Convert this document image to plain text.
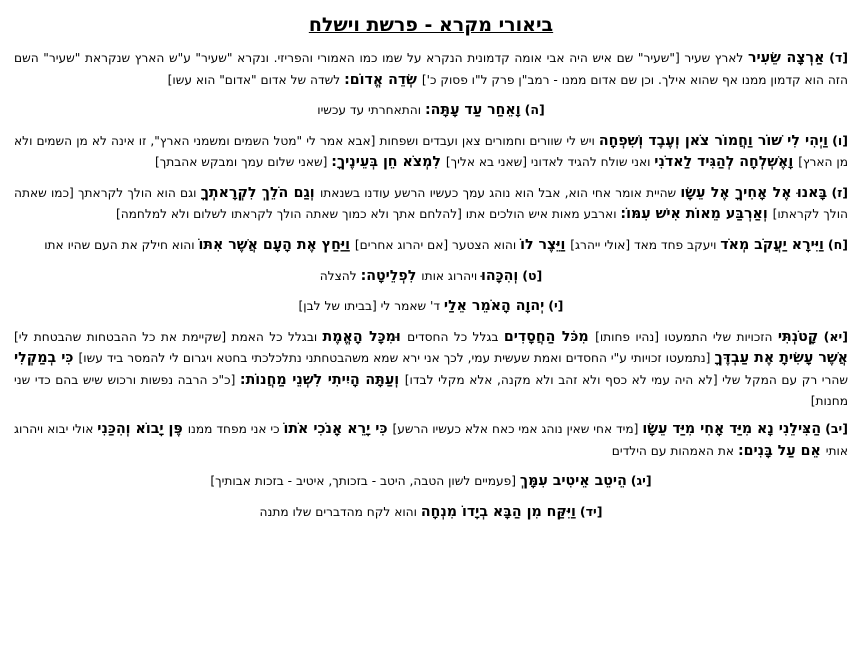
ביאורי מקרא - פרשת וישלח
[ד) אַרְצָה שֵׂעִיר לארץ שעיר ["שעיר" שם איש היה אבי אומה קדמונית הנקרא על שמו כמו האמורי והפריזי. ונקרא "שעיר" ע"ש הארץ שנקראת "שעיר" השם הזה הוא קדמון ממנו אף שהוא אילך. וכן שם אדום ממנו - רמב"ן פרק ל"ו פסוק כ'] שְׂדֵה אֱדוֹם: לשדה של אדום "אדום" הוא עשו]
[ה) וָאֵחַר עַד עָתָּה: והתאחרתי עד עכשיו
[ו) וַיְהִי לִי שׁוֹר וַחֲמוֹר צֹאן וְעֶבֶד וְשִׁפְחָה ויש לי שוורים וחמורים צאן ועבדים ושפחות [אבא אמר לי "מטל השמים ומשמני הארץ", זו אינה לא מן השמים ולא מן הארץ] וָאֶשְׁלְחָה לְהַגִּיד לַאדֹנִי ואני שולח להגיד לאדוני [שאני בא אליך] לִמְצֹא חֵן בְּעֵינֶיךָ: [שאני שלום עמך ומבקש אהבתך]
[ז) בָּאנוּ אֶל אָחִיךָ אֶל עֵשָׂו שהיית אומר אחי הוא, אבל הוא נוהג עמך כעשיו הרשע עודנו בשנאתו וְגַם הֹלֵךְ לִקְרָאתְךָ וגם הוא הולך לקראתך [כמו שאתה הולך לקראתו] וְאַרְבַּע מֵאוֹת אִישׁ עִמּוֹ: וארבע מאות איש הולכים אתו [להלחם אתך ולא כמוך שאתה הולך לקראתו לשלום ולא למלחמה]
[ח) וַיִּירָא יַעֲקֹב מְאֹד ויעקב פחד מאד [אולי ייהרג] וַיֵּצֶר לוֹ והוא הצטער [אם יהרוג אחרים] וַיַּחַץ אֶת הָעָם אֲשֶׁר אִתּוֹ והוא חילק את העם שהיו אתו
[ט) וְהִכָּהוּ ויהרוג אותו לִפְלֵיטָה: להצלה
[י) יְהוָה הָאֹמֵר אֵלַי ד' שאמר לי [בביתו של לבן]
[יא) קָטֹנְתִּי הזכויות שלי התמעטו [נהיו פחותו] מִכֹּל הַחֲסָדִים בגלל כל החסדים וּמִכָּל הָאֱמֶת ובגלל כל האמת [שקיימת את כל ההבטחות שהבטחת לי] אֲשֶׁר עָשִׂיתָ אֶת עַבְדֶּךָ [נתמעטו זכויותי ע"י החסדים ואמת שעשית עמי, לכך אני ירא שמא משהבטחתני נתלכלכתי בחטא ויגרום לי להמסר ביד עשו] כִּי בְמַקְלִי שהרי רק עם המקל שלי [לא היה עמי לא כסף ולא זהב ולא מקנה, אלא מקלי לבדו] וְעַתָּה הָיִיתִי לִשְׁנֵי מַחֲנוֹת: [כ"כ הרבה נפשות ורכוש שיש בהם כדי שני מחנות]
[יב) הַצִּילֵנִי נָא מִיַּד אָחִי מִיַּד עֵשָׂו [מיד אחי שאין נוהג אמי כאח אלא כעשיו הרשע] כִּי יָרֵא אָנֹכִי אֹתוֹ כי אני מפחד ממנו פֶּן יָבוֹא וְהִכַּנִי אולי יבוא ויהרוג אותי אֵם עַל בָּנִים: את האמהות עם הילדים
[יג) הֵיטֵב אֵיטִיב עִמָּךְ [פעמיים לשון הטבה, היטב - בזכותך, איטיב - בזכות אבותיך]
[יד) וַיִּקַּח מִן הַבָּא בְיָדוֹ מִנְחָה והוא לקח מהדברים שלו מתנה
